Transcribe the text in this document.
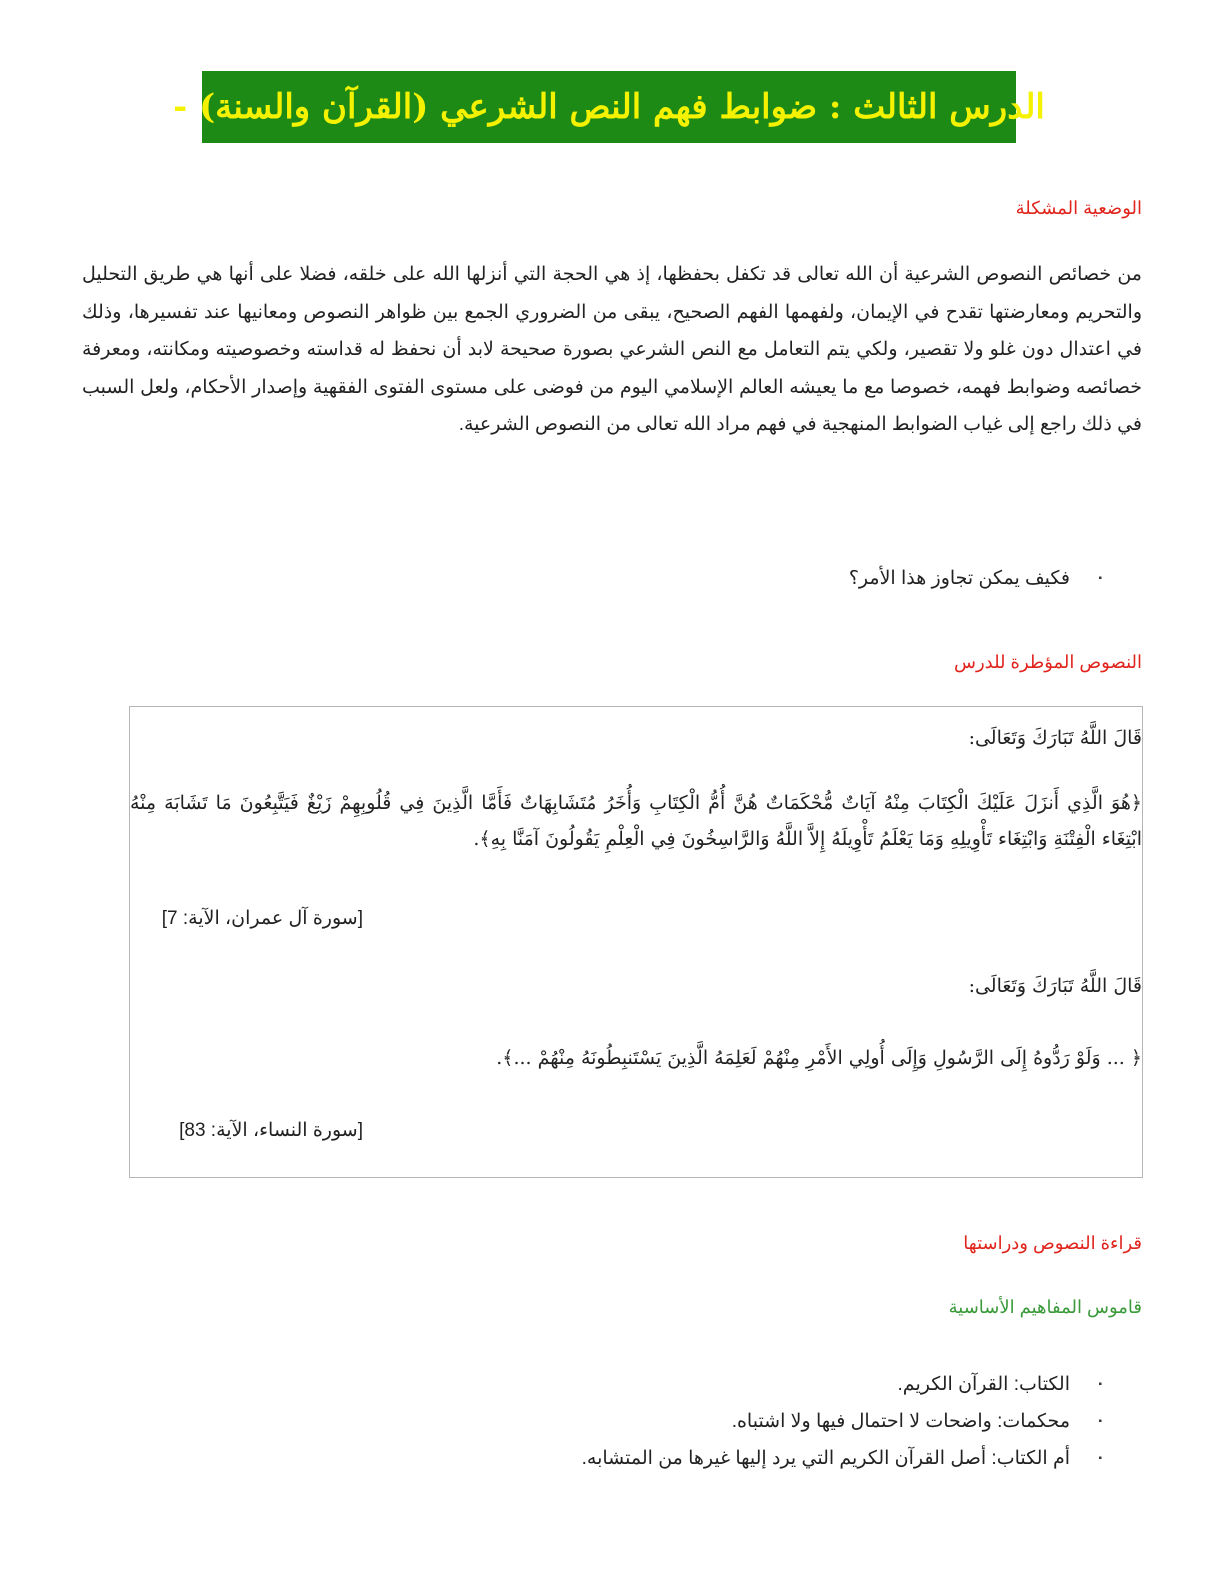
الدرس الثالث : ضوابط فهم النص الشرعي (القرآن والسنة) -
الوضعية المشكلة
من خصائص النصوص الشرعية أن الله تعالى قد تكفل بحفظها، إذ هي الحجة التي أنزلها الله على خلقه، فضلا على أنها هي طريق التحليل والتحريم ومعارضتها تقدح في الإيمان، ولفهمها الفهم الصحيح، يبقى من الضروري الجمع بين ظواهر النصوص ومعانيها عند تفسيرها، وذلك في اعتدال دون غلو ولا تقصير، ولكي يتم التعامل مع النص الشرعي بصورة صحيحة لابد أن نحفظ له قداسته وخصوصيته ومكانته، ومعرفة خصائصه وضوابط فهمه، خصوصا مع ما يعيشه العالم الإسلامي اليوم من فوضى على مستوى الفتوى الفقهية وإصدار الأحكام، ولعل السبب في ذلك راجع إلى غياب الضوابط المنهجية في فهم مراد الله تعالى من النصوص الشرعية.
▪
فكيف يمكن تجاوز هذا الأمر؟
النصوص المؤطرة للدرس
قَالَ اللَّهُ تَبَارَكَ وَتَعَالَى:
﴿هُوَ الَّذِي أَنزَلَ عَلَيْكَ الْكِتَابَ مِنْهُ آيَاتٌ مُّحْكَمَاتٌ هُنَّ أُمُّ الْكِتَابِ وَأُخَرُ مُتَشَابِهَاتٌ فَأَمَّا الَّذِينَ فِي قُلُوبِهِمْ زَيْغٌ فَيَتَّبِعُونَ مَا تَشَابَهَ مِنْهُ ابْتِغَاء الْفِتْنَةِ وَابْتِغَاء تَأْوِيلِهِ وَمَا يَعْلَمُ تَأْوِيلَهُ إِلاَّ اللَّهُ وَالرَّاسِخُونَ فِي الْعِلْمِ يَقُولُونَ آمَنَّا بِهِ﴾.
[سورة آل عمران، الآية: 7]
قَالَ اللَّهُ تَبَارَكَ وَتَعَالَى:
﴿ ... وَلَوْ رَدُّوهُ إِلَى الرَّسُولِ وَإِلَى أُولِي الأَمْرِ مِنْهُمْ لَعَلِمَهُ الَّذِينَ يَسْتَنبِطُونَهُ مِنْهُمْ ...﴾.
[سورة النساء، الآية: 83]
قراءة النصوص ودراستها
قاموس المفاهيم الأساسية
▪
الكتاب: القرآن الكريم.
▪
محكمات: واضحات لا احتمال فيها ولا اشتباه.
▪
أم الكتاب: أصل القرآن الكريم التي يرد إليها غيرها من المتشابه.
